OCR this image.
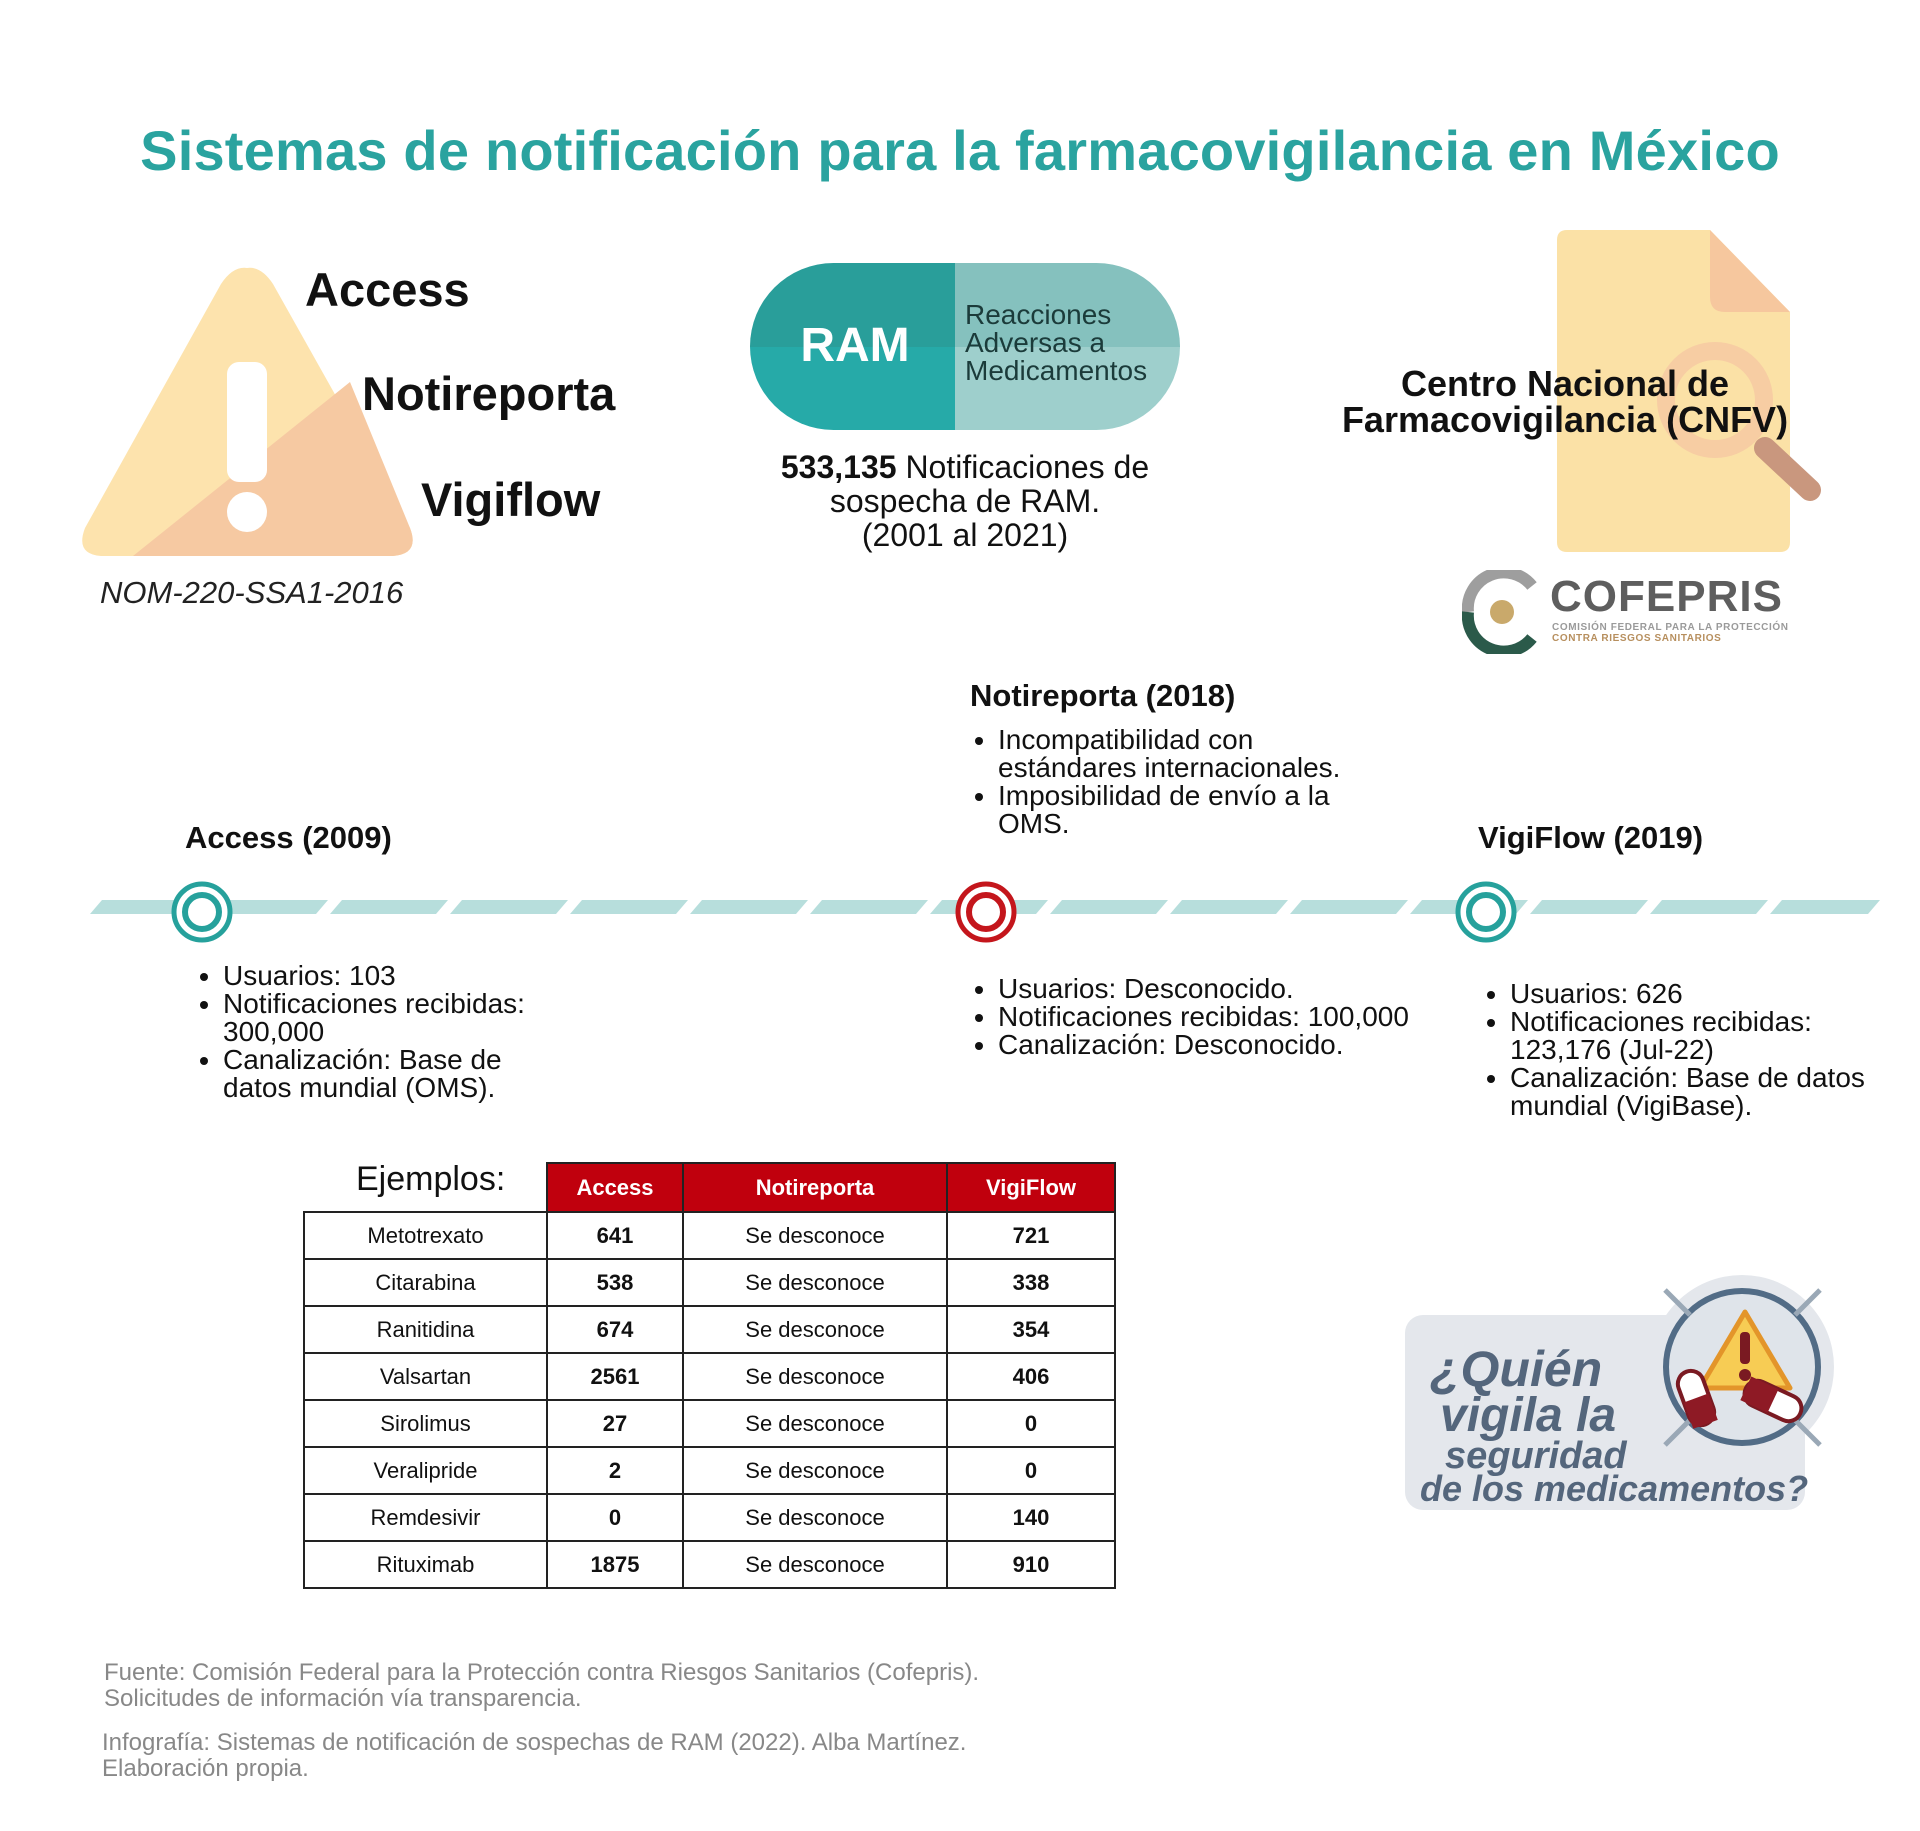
Sistemas de notificación para la farmacovigilancia en México
Access
Notireporta
Vigiflow
NOM-220-SSA1-2016
RAM
Reacciones
Adversas a
Medicamentos
533,135 Notificaciones de
sospecha de RAM.
(2001 al 2021)
Centro Nacional de
Farmacovigilancia (CNFV)
COFEPRIS
COMISIÓN FEDERAL PARA LA PROTECCIÓN
CONTRA RIESGOS SANITARIOS
Access (2009)
• Usuarios: 103
• Notificaciones recibidas: 300,000
• Canalización: Base de datos mundial (OMS).
Notireporta (2018)
• Incompatibilidad con estándares internacionales.
• Imposibilidad de envío a la OMS.
• Usuarios: Desconocido.
• Notificaciones recibidas: 100,000
• Canalización: Desconocido.
VigiFlow (2019)
• Usuarios: 626
• Notificaciones recibidas: 123,176 (Jul-22)
• Canalización: Base de datos mundial (VigiBase).
Ejemplos:
		Access	Notireporta	VigiFlow
Metotrexato	641	Se desconoce	721
Citarabina	538	Se desconoce	338
Ranitidina	674	Se desconoce	354
Valsartan	2561	Se desconoce	406
Sirolimus	27	Se desconoce	0
Veralipride	2	Se desconoce	0
Remdesivir	0	Se desconoce	140
Rituximab	1875	Se desconoce	910
¿Quién
vigila la
seguridad
de los medicamentos?
Fuente: Comisión Federal para la Protección contra Riesgos Sanitarios (Cofepris).
Solicitudes de información vía transparencia.
Infografía: Sistemas de notificación de sospechas de RAM (2022). Alba Martínez.
Elaboración propia.
